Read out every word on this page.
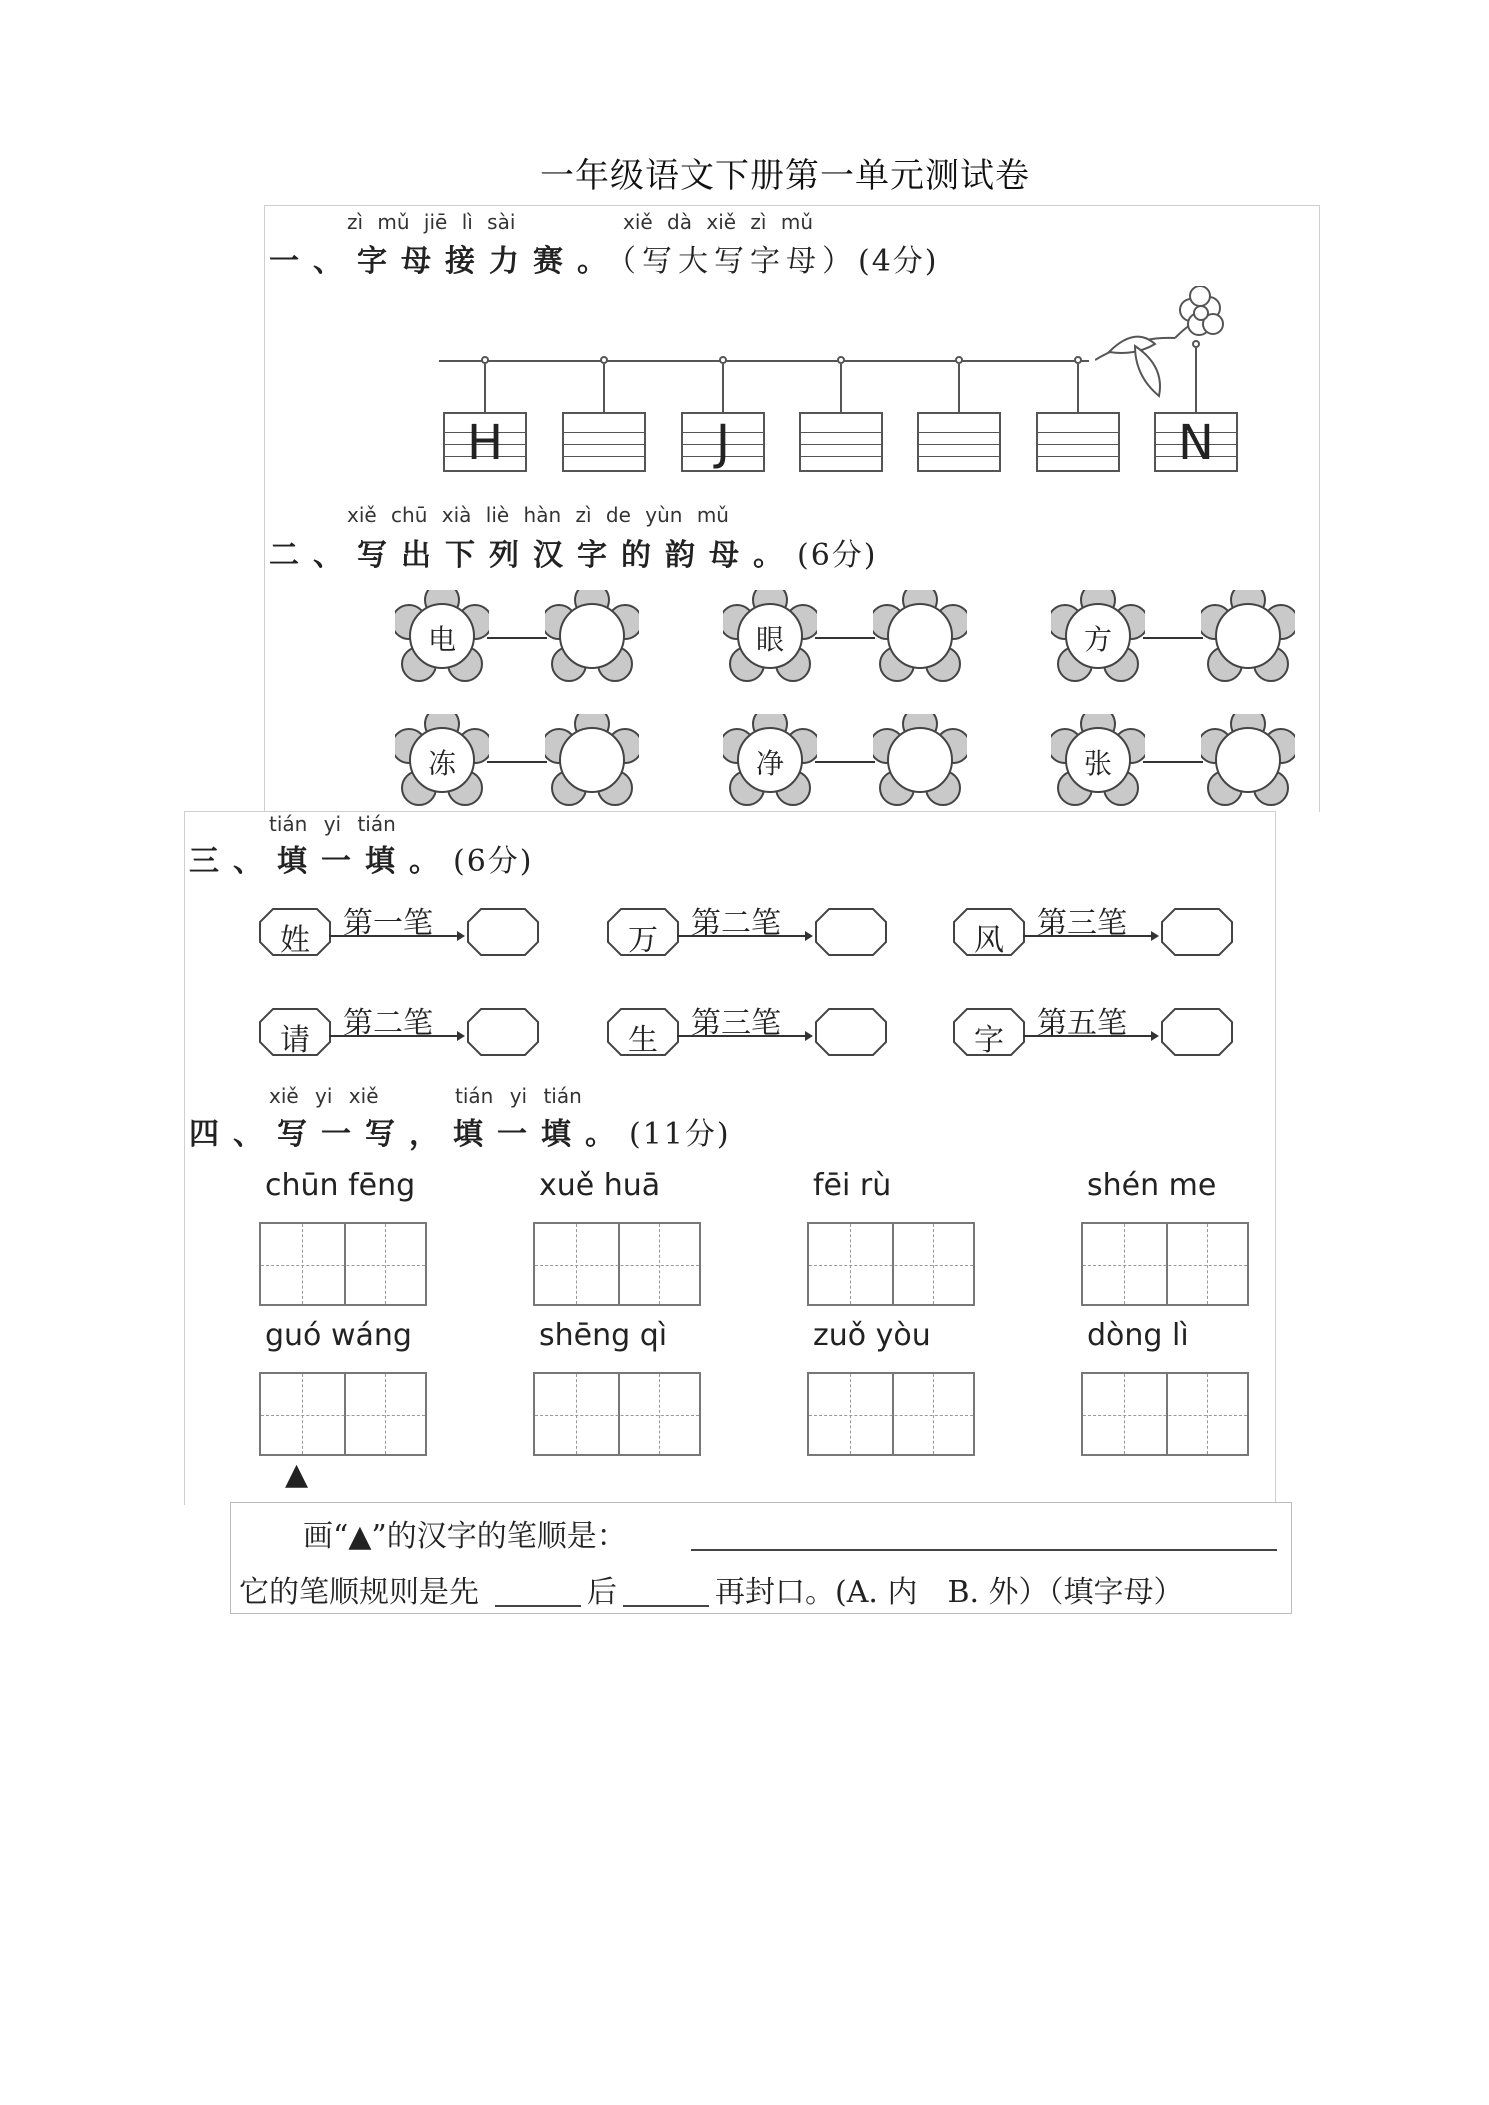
一年级语文下册第一单元测试卷
zì mǔ jiē lì sài	xiě dà xiě zì mǔ
一、字母接力赛。（写大写字母）(4分)
H	J	N
xiě chū xià liè hàn zì de yùn mǔ
二、写出下列汉字的韵母。(6分)
电	眼	方
冻	净	张
tián yi tián
三、填一填。(6分)
姓	第一笔	万	第二笔	风	第三笔
请	第二笔	生	第三笔	字	第五笔
xiě yi xiě	tián yi tián
四、写一写，填一填。(11分)
chūn fēng	xuě huā	fēi rù	shén me
guó wáng	shēng qì	zuǒ yòu	dòng lì
▲
画“▲”的汉字的笔顺是：
它的笔顺规则是先	后	再封口。(A. 内　B. 外）（填字母）
